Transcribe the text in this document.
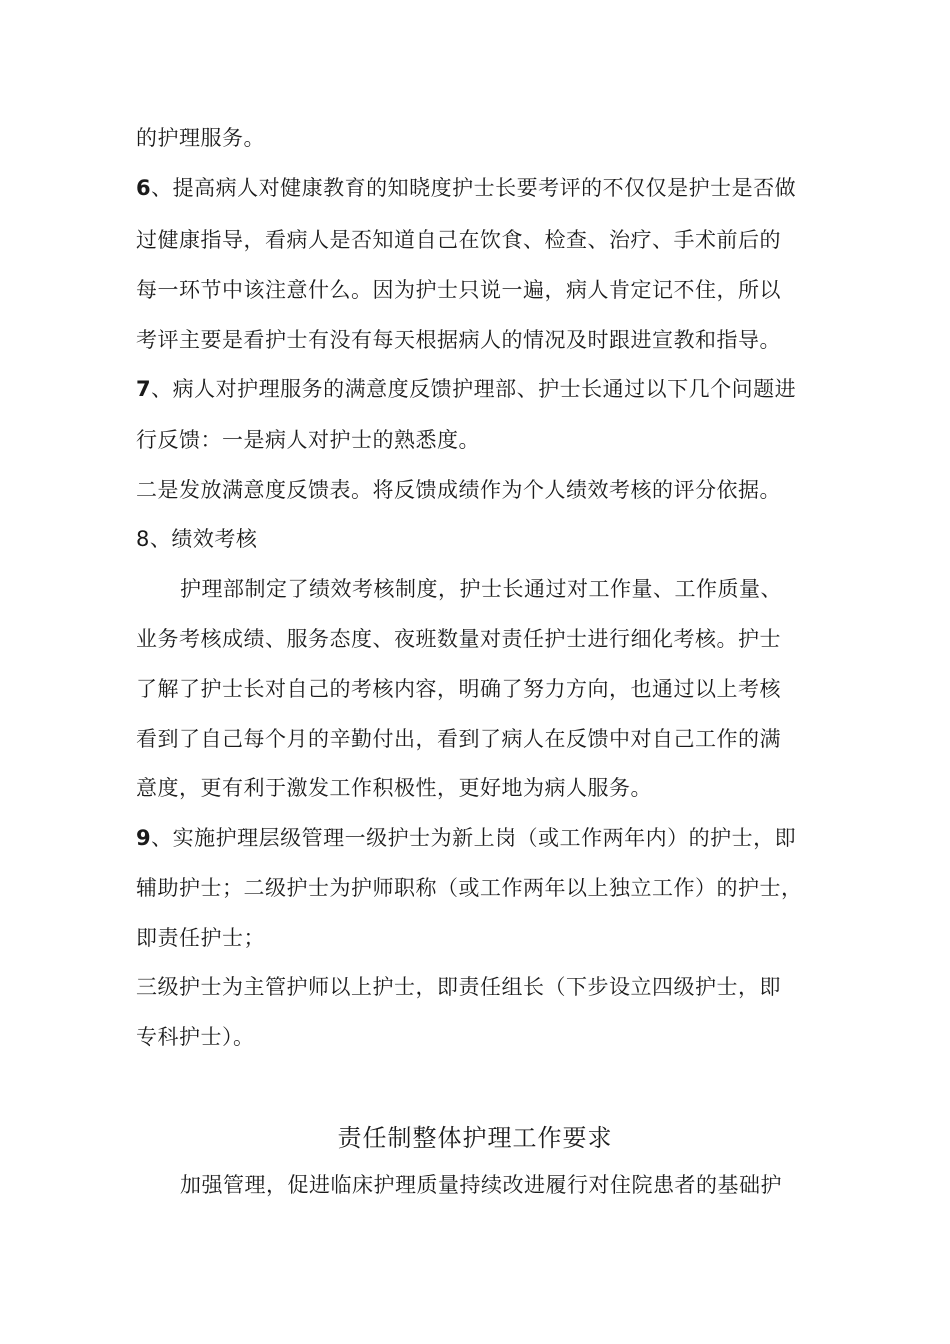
的护理服务。
6、提高病人对健康教育的知晓度护士长要考评的不仅仅是护士是否做
过健康指导，看病人是否知道自己在饮食、检查、治疗、手术前后的
每一环节中该注意什么。因为护士只说一遍，病人肯定记不住，所以
考评主要是看护士有没有每天根据病人的情况及时跟进宣教和指导。
7、病人对护理服务的满意度反馈护理部、护士长通过以下几个问题进
行反馈：一是病人对护士的熟悉度。
二是发放满意度反馈表。将反馈成绩作为个人绩效考核的评分依据。
8、绩效考核
护理部制定了绩效考核制度，护士长通过对工作量、工作质量、
业务考核成绩、服务态度、夜班数量对责任护士进行细化考核。护士
了解了护士长对自己的考核内容，明确了努力方向，也通过以上考核
看到了自己每个月的辛勤付出，看到了病人在反馈中对自己工作的满
意度，更有利于激发工作积极性，更好地为病人服务。
9、实施护理层级管理一级护士为新上岗（或工作两年内）的护士，即
辅助护士；二级护士为护师职称（或工作两年以上独立工作）的护士，
即责任护士；
三级护士为主管护师以上护士，即责任组长（下步设立四级护士，即
专科护士）。
责任制整体护理工作要求
加强管理，促进临床护理质量持续改进履行对住院患者的基础护
